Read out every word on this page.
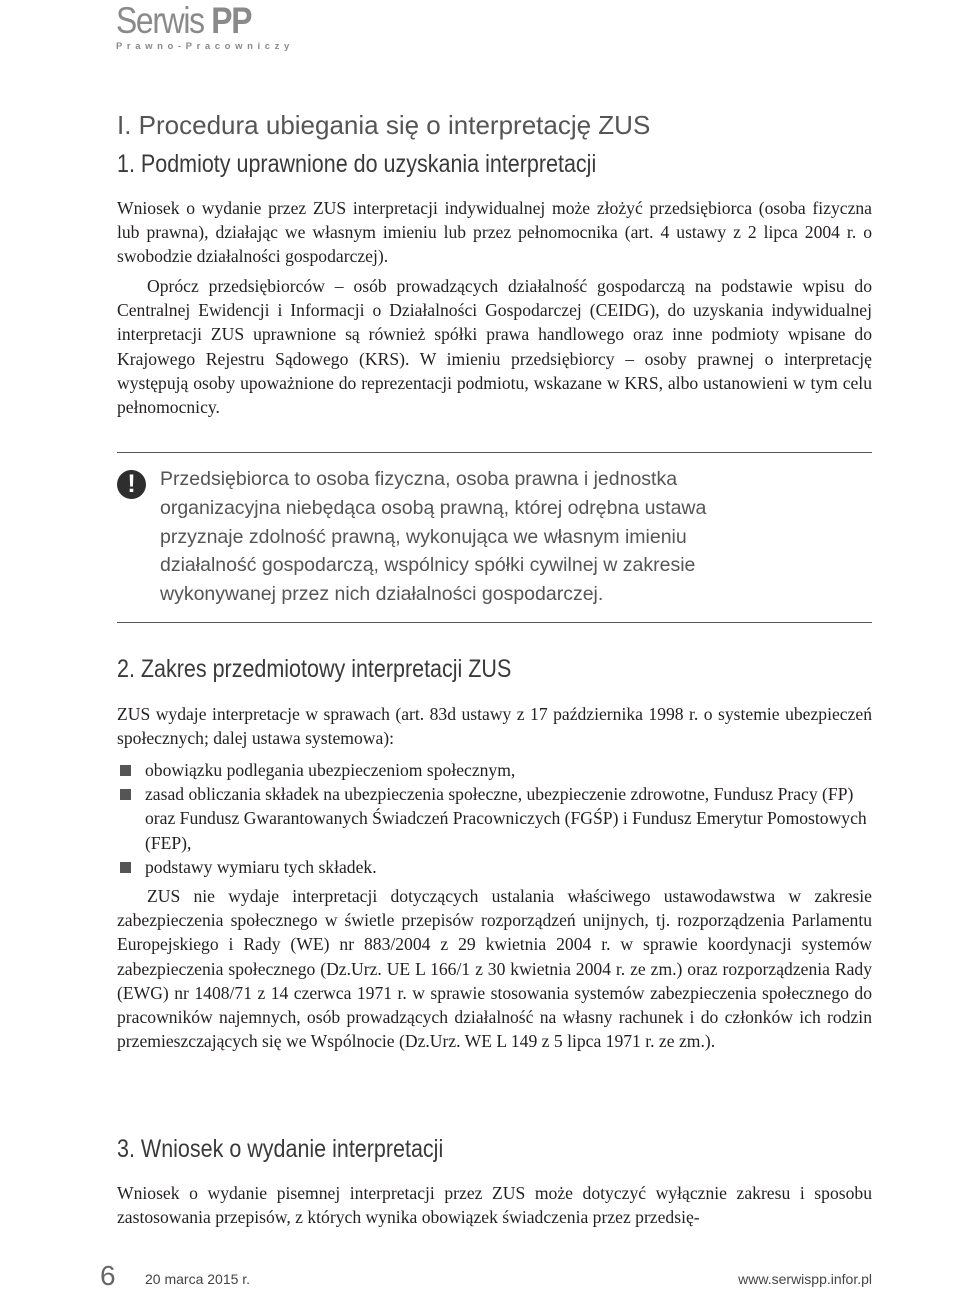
Serwis PP
Prawno-Pracowniczy
I. Procedura ubiegania się o interpretację ZUS
1. Podmioty uprawnione do uzyskania interpretacji

Wniosek o wydanie przez ZUS interpretacji indywidualnej może złożyć przedsiębiorca (osoba fizyczna lub prawna), działając we własnym imieniu lub przez pełnomocnika (art. 4 ustawy z 2 lipca 2004 r. o swobodzie działalności gospodarczej).

Oprócz przedsiębiorców – osób prowadzących działalność gospodarczą na podstawie wpisu do Centralnej Ewidencji i Informacji o Działalności Gospodarczej (CEIDG), do uzyskania indywidualnej interpretacji ZUS uprawnione są również spółki prawa handlowego oraz inne podmioty wpisane do Krajowego Rejestru Sądowego (KRS). W imieniu przedsiębiorcy – osoby prawnej o interpretację występują osoby upoważnione do reprezentacji podmiotu, wskazane w KRS, albo ustanowieni w tym celu pełnomocnicy.

!	Przedsiębiorca to osoba fizyczna, osoba prawna i jednostka
organizacyjna niebędąca osobą prawną, której odrębna ustawa
przyznaje zdolność prawną, wykonująca we własnym imieniu
działalność gospodarczą, wspólnicy spółki cywilnej w zakresie
wykonywanej przez nich działalności gospodarczej.
2. Zakres przedmiotowy interpretacji ZUS

ZUS wydaje interpretacje w sprawach (art. 83d ustawy z 17 października 1998 r. o systemie ubezpieczeń społecznych; dalej ustawa systemowa):

obowiązku podlegania ubezpieczeniom społecznym,
zasad obliczania składek na ubezpieczenia społeczne, ubezpieczenie zdrowotne, Fundusz Pracy (FP) oraz Fundusz Gwarantowanych Świadczeń Pracowniczych (FGŚP) i Fundusz Emerytur Pomostowych (FEP),
podstawy wymiaru tych składek.

ZUS nie wydaje interpretacji dotyczących ustalania właściwego ustawodawstwa w zakresie zabezpieczenia społecznego w świetle przepisów rozporządzeń unijnych, tj. rozporządzenia Parlamentu Europejskiego i Rady (WE) nr 883/2004 z 29 kwietnia 2004 r. w sprawie koordynacji systemów zabezpieczenia społecznego (Dz.Urz. UE L 166/1 z 30 kwietnia 2004 r. ze zm.) oraz rozporządzenia Rady (EWG) nr 1408/71 z 14 czerwca 1971 r. w sprawie stosowania systemów zabezpieczenia społecznego do pracowników najemnych, osób prowadzących działalność na własny rachunek i do członków ich rodzin przemieszczających się we Wspólnocie (Dz.Urz. WE L 149 z 5 lipca 1971 r. ze zm.).

3. Wniosek o wydanie interpretacji

Wniosek o wydanie pisemnej interpretacji przez ZUS może dotyczyć wyłącznie zakresu i sposobu zastosowania przepisów, z których wynika obowiązek świadczenia przez przedsię-

6 20 marca 2015 r.	www.serwispp.infor.pl
